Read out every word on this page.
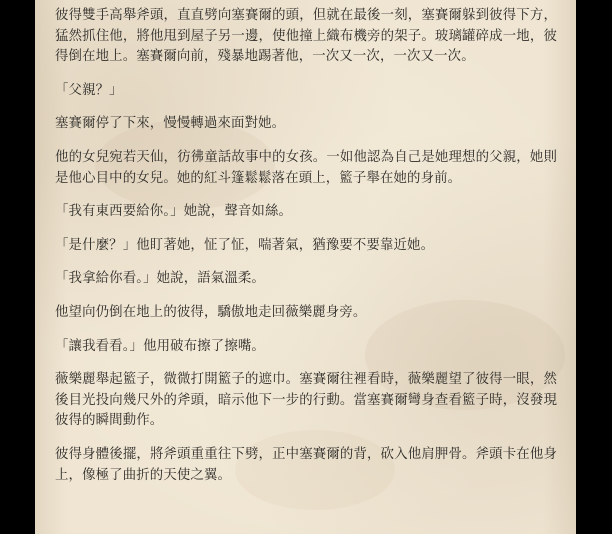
彼得雙手高舉斧頭，直直劈向塞賽爾的頭，但就在最後一刻，塞賽爾躲到彼得下方，猛然抓住他，將他甩到屋子另一邊，使他撞上織布機旁的架子。玻璃罐碎成一地，彼得倒在地上。塞賽爾向前，殘暴地踢著他，一次又一次，一次又一次。

「父親？」

塞賽爾停了下來，慢慢轉過來面對她。

他的女兒宛若天仙，彷彿童話故事中的女孩。一如他認為自己是她理想的父親，她則是他心目中的女兒。她的紅斗篷鬆鬆落在頭上，籃子舉在她的身前。

「我有東西要給你。」她說，聲音如絲。

「是什麼？」他盯著她，怔了怔，喘著氣，猶豫要不要靠近她。

「我拿給你看。」她說，語氣溫柔。

他望向仍倒在地上的彼得，驕傲地走回薇樂麗身旁。

「讓我看看。」他用破布擦了擦嘴。

薇樂麗舉起籃子，微微打開籃子的遮巾。塞賽爾往裡看時，薇樂麗望了彼得一眼，然後目光投向幾尺外的斧頭，暗示他下一步的行動。當塞賽爾彎身查看籃子時，沒發現彼得的瞬間動作。

彼得身體後擺，將斧頭重重往下劈，正中塞賽爾的背，砍入他肩胛骨。斧頭卡在他身上，像極了曲折的天使之翼。
